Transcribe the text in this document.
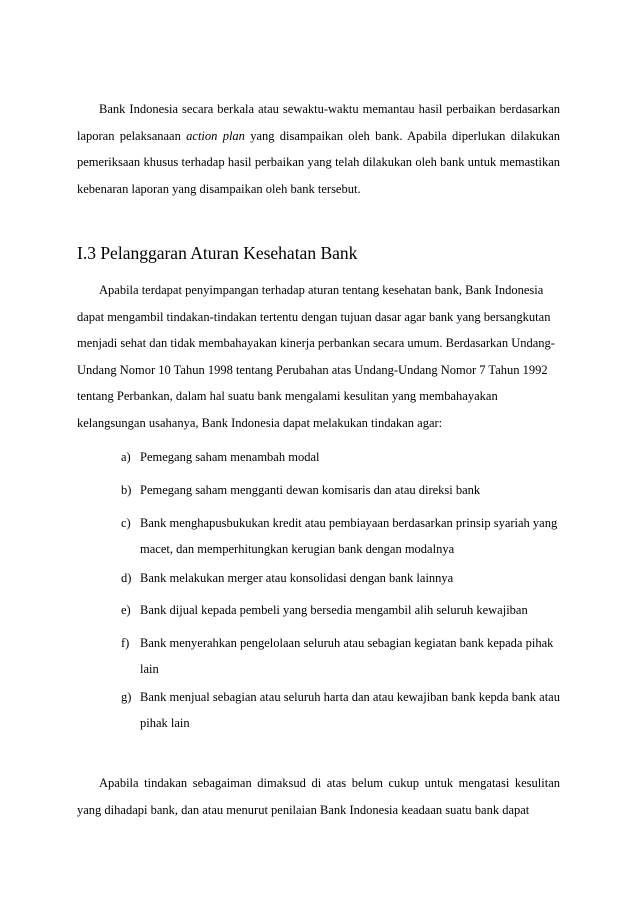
Bank Indonesia secara berkala atau sewaktu-waktu memantau hasil perbaikan berdasarkan laporan pelaksanaan action plan yang disampaikan oleh bank. Apabila diperlukan dilakukan pemeriksaan khusus terhadap hasil perbaikan yang telah dilakukan oleh bank untuk memastikan kebenaran laporan yang disampaikan oleh bank tersebut.

I.3 Pelanggaran Aturan Kesehatan Bank

Apabila terdapat penyimpangan terhadap aturan tentang kesehatan bank, Bank Indonesia dapat mengambil tindakan-tindakan tertentu dengan tujuan dasar agar bank yang bersangkutan menjadi sehat dan tidak membahayakan kinerja perbankan secara umum. Berdasarkan Undang-Undang Nomor 10 Tahun 1998 tentang Perubahan atas Undang-Undang Nomor 7 Tahun 1992 tentang Perbankan, dalam hal suatu bank mengalami kesulitan yang membahayakan kelangsungan usahanya, Bank Indonesia dapat melakukan tindakan agar:

a) Pemegang saham menambah modal
b) Pemegang saham mengganti dewan komisaris dan atau direksi bank
c) Bank menghapusbukukan kredit atau pembiayaan berdasarkan prinsip syariah yang macet, dan memperhitungkan kerugian bank dengan modalnya
d) Bank melakukan merger atau konsolidasi dengan bank lainnya
e) Bank dijual kepada pembeli yang bersedia mengambil alih seluruh kewajiban
f) Bank menyerahkan pengelolaan seluruh atau sebagian kegiatan bank kepada pihak lain
g) Bank menjual sebagian atau seluruh harta dan atau kewajiban bank kepda bank atau pihak lain

Apabila tindakan sebagaiman dimaksud di atas belum cukup untuk mengatasi kesulitan yang dihadapi bank, dan atau menurut penilaian Bank Indonesia keadaan suatu bank dapat
